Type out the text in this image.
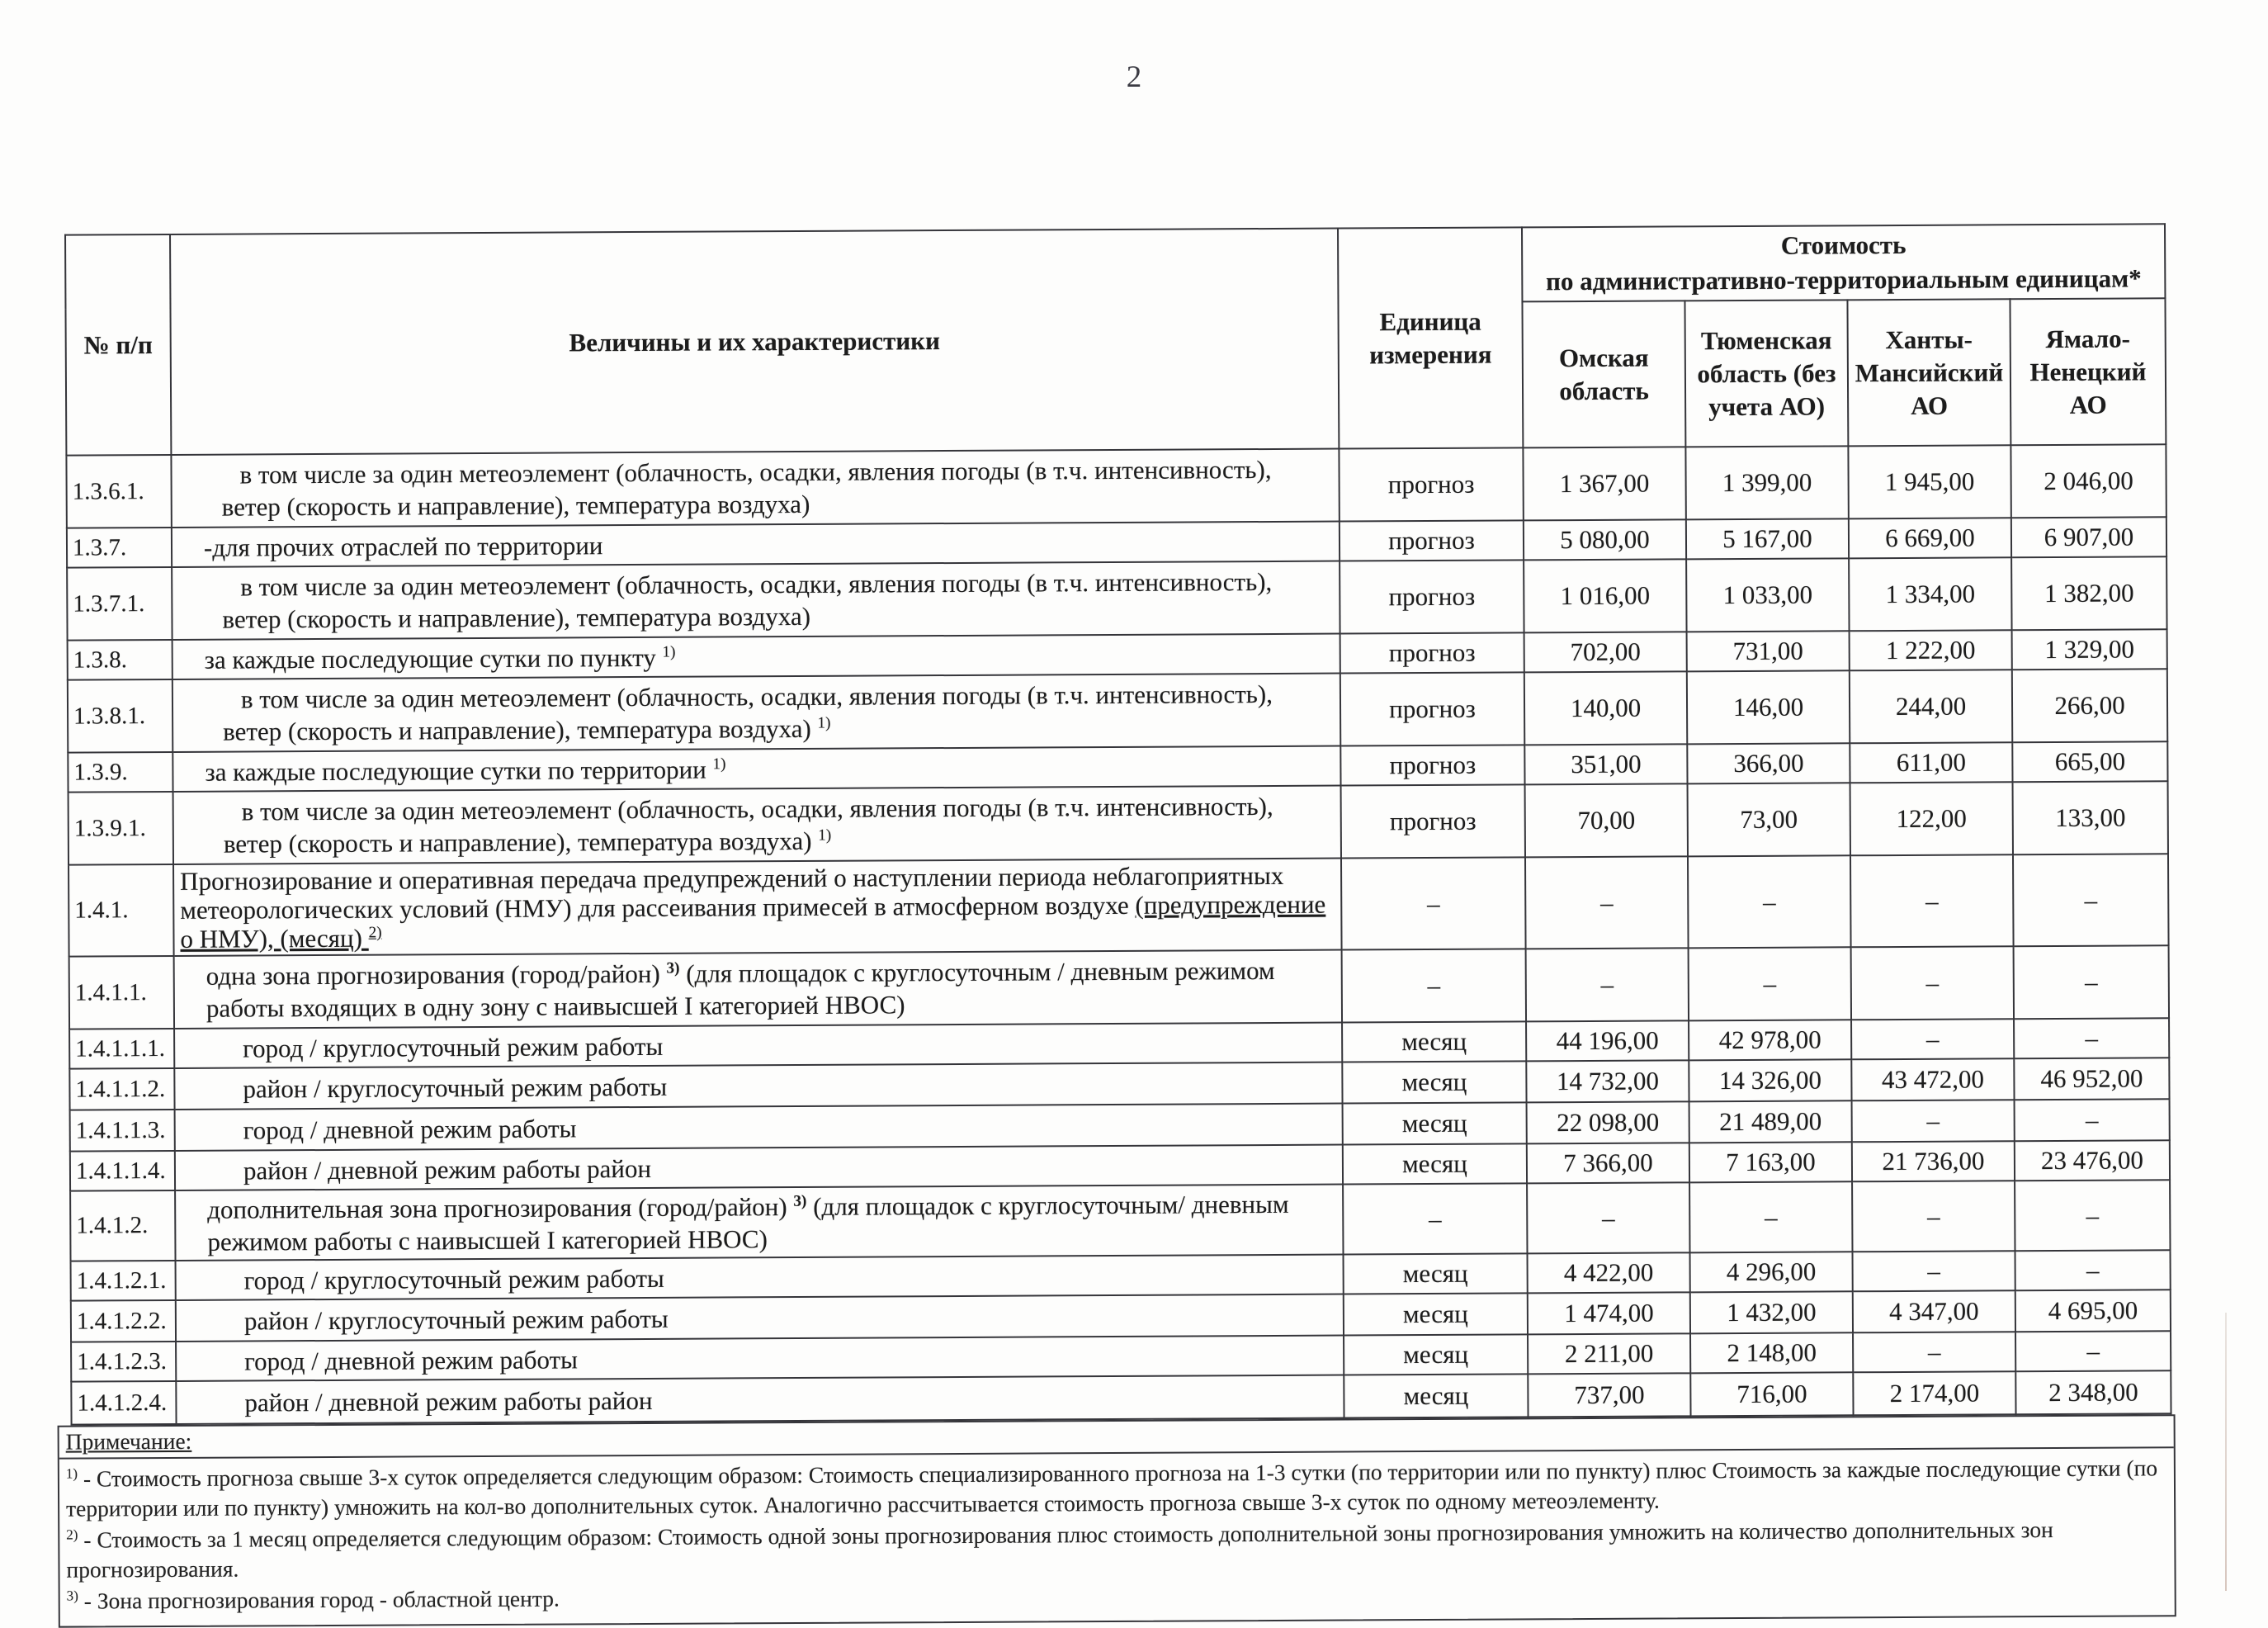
2
№ п/п	Величины и их характеристики	Единица измерения	Стоимость
по административно-территориальным единицам*			

			Омская область	Тюменская область (без учета АО)	Ханты-Мансийский АО	Ямало-Ненецкий АО
1.3.6.1.	в том числе за один метеоэлемент (облачность, осадки, явления погоды (в т.ч. интенсивность), ветер (скорость и направление), температура воздуха)	прогноз	1 367,00	1 399,00	1 945,00	2 046,00
1.3.7.	-для прочих отраслей по территории	прогноз	5 080,00	5 167,00	6 669,00	6 907,00
1.3.7.1.	в том числе за один метеоэлемент (облачность, осадки, явления погоды (в т.ч. интенсивность), ветер (скорость и направление), температура воздуха)	прогноз	1 016,00	1 033,00	1 334,00	1 382,00
1.3.8.	за каждые последующие сутки по пункту $^{1)}$	прогноз	702,00	731,00	1 222,00	1 329,00
1.3.8.1.	в том числе за один метеоэлемент (облачность, осадки, явления погоды (в т.ч. интенсивность), ветер (скорость и направление), температура воздуха) $^{1)}$	прогноз	140,00	146,00	244,00	266,00
1.3.9.	за каждые последующие сутки по территории $^{1)}$	прогноз	351,00	366,00	611,00	665,00
1.3.9.1.	в том числе за один метеоэлемент (облачность, осадки, явления погоды (в т.ч. интенсивность), ветер (скорость и направление), температура воздуха) $^{1)}$	прогноз	70,00	73,00	122,00	133,00
1.4.1.	Прогнозирование и оперативная передача предупреждений о наступлении периода неблагоприятных метеорологических условий (НМУ) для рассеивания примесей в атмосферном воздухе (предупреждение о НМУ), (месяц) $^{2)}$	–	–	–	–	–
1.4.1.1.	одна зона прогнозирования (город/район) $^{3)}$ (для площадок с круглосуточным / дневным режимом работы входящих в одну зону с наивысшей I категорией НВОС)	–	–	–	–	–
1.4.1.1.1.	город / круглосуточный режим работы	месяц	44 196,00	42 978,00	–	–
1.4.1.1.2.	район / круглосуточный режим работы	месяц	14 732,00	14 326,00	43 472,00	46 952,00
1.4.1.1.3.	город / дневной режим работы	месяц	22 098,00	21 489,00	–	–
1.4.1.1.4.	район / дневной режим работы район	месяц	7 366,00	7 163,00	21 736,00	23 476,00
1.4.1.2.	дополнительная зона прогнозирования (город/район) $^{3)}$ (для площадок с круглосуточным/ дневным режимом работы с наивысшей I категорией НВОС)	–	–	–	–	–
1.4.1.2.1.	город / круглосуточный режим работы	месяц	4 422,00	4 296,00	–	–
1.4.1.2.2.	район / круглосуточный режим работы	месяц	1 474,00	1 432,00	4 347,00	4 695,00
1.4.1.2.3.	город / дневной режим работы	месяц	2 211,00	2 148,00	–	–
1.4.1.2.4.	район / дневной режим работы район	месяц	737,00	716,00	2 174,00	2 348,00
Примечание:
$^{1)}$ - Стоимость прогноза свыше 3-х суток определяется следующим образом: Стоимость специализированного прогноза на 1-3 сутки (по территории или по пункту) плюс Стоимость за каждые последующие сутки (по территории или по пункту) умножить на кол-во дополнительных суток. Аналогично рассчитывается стоимость прогноза свыше 3-х суток по одному метеоэлементу.
$^{2)}$ - Стоимость за 1 месяц определяется следующим образом: Стоимость одной зоны прогнозирования плюс стоимость дополнительной зоны прогнозирования умножить на количество дополнительных зон прогнозирования.
$^{3)}$ - Зона прогнозирования город - областной центр.
